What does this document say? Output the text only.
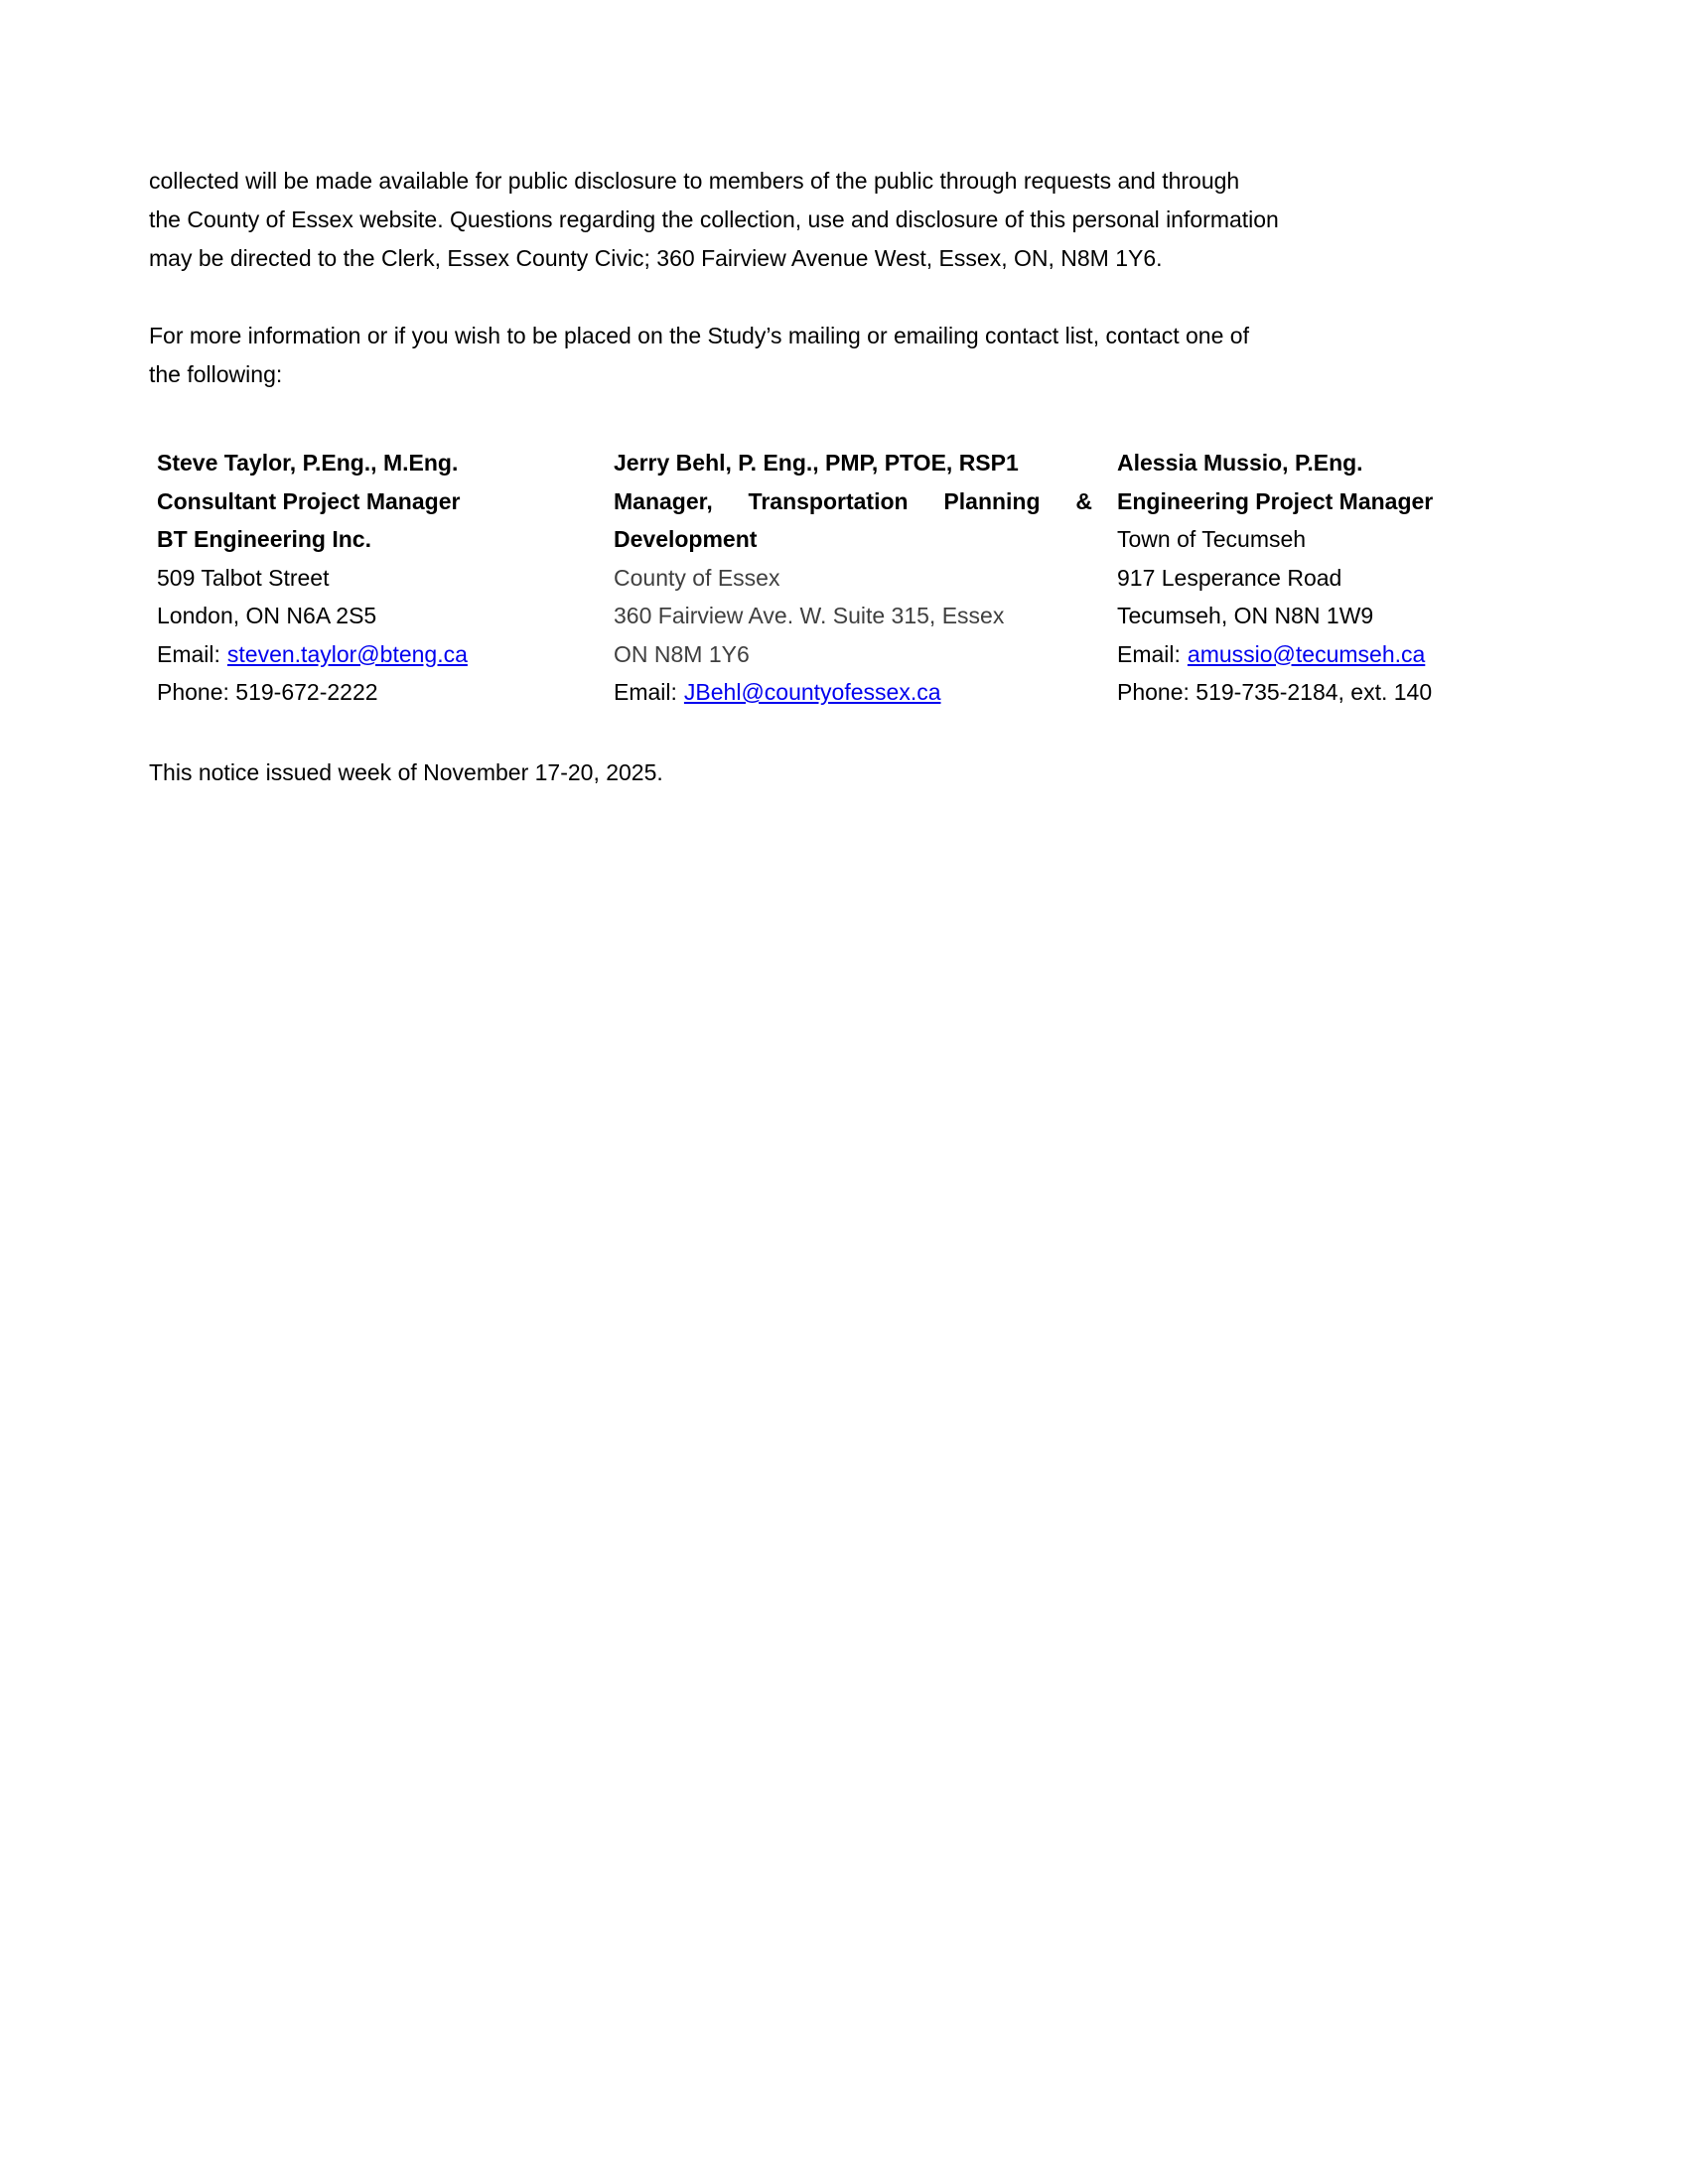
collected will be made available for public disclosure to members of the public through requests and through
the County of Essex website. Questions regarding the collection, use and disclosure of this personal information
may be directed to the Clerk, Essex County Civic; 360 Fairview Avenue West, Essex, ON, N8M 1Y6.

For more information or if you wish to be placed on the Study’s mailing or emailing contact list, contact one of
the following:

Steve Taylor, P.Eng., M.Eng.
Consultant Project Manager
BT Engineering Inc.
509 Talbot Street
London, ON N6A 2S5
Email: steven.taylor@bteng.ca
Phone: 519-672-2222
Jerry Behl, P. Eng., PMP, PTOE, RSP1
Manager, Transportation Planning &
Development
County of Essex
360 Fairview Ave. W. Suite 315, Essex
ON N8M 1Y6
Email: JBehl@countyofessex.ca
Alessia Mussio, P.Eng.
Engineering Project Manager
Town of Tecumseh
917 Lesperance Road
Tecumseh, ON N8N 1W9
Email: amussio@tecumseh.ca
Phone: 519-735-2184, ext. 140
This notice issued week of November 17-20, 2025.
